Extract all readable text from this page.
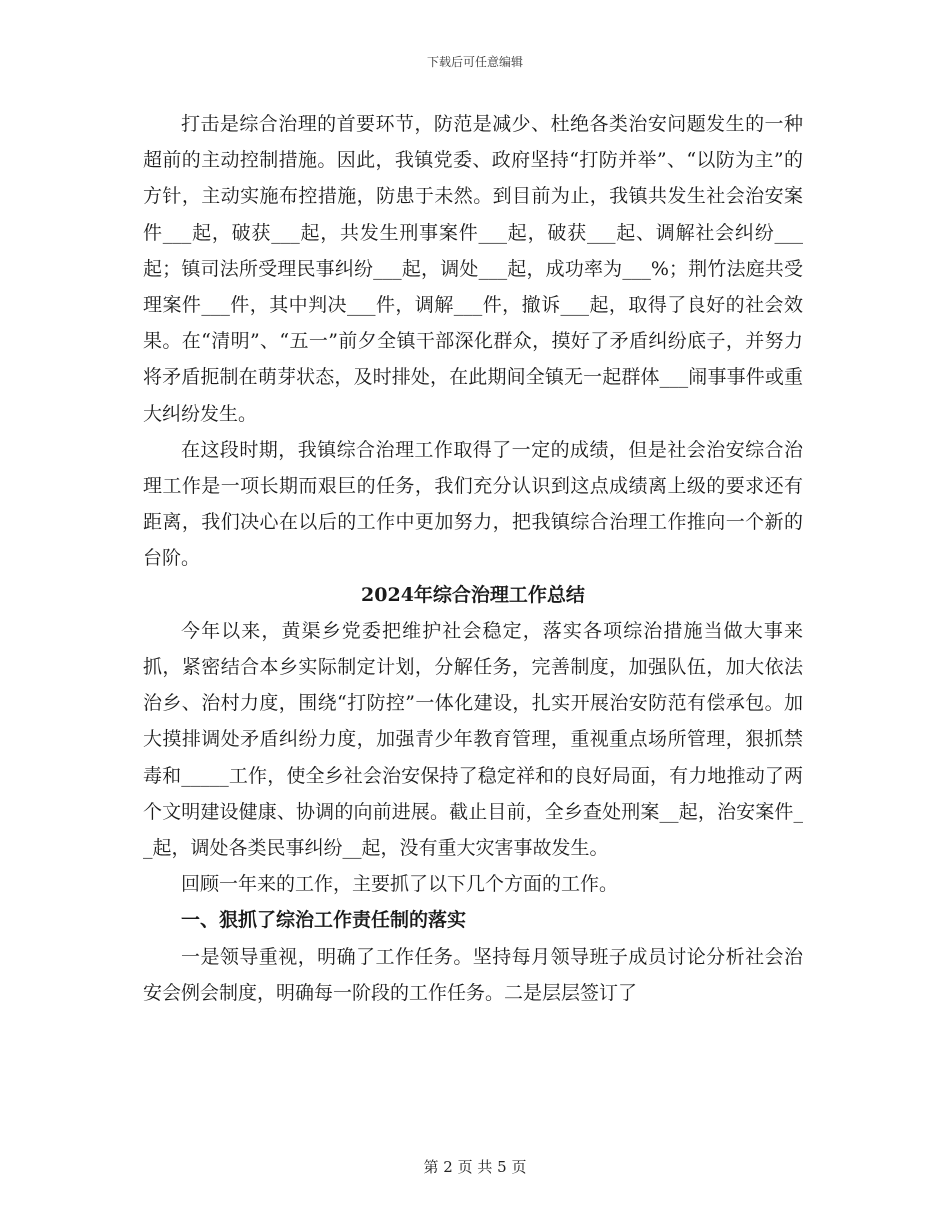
下载后可任意编辑

打击是综合治理的首要环节，防范是减少、杜绝各类治安问题发生的一种超前的主动控制措施。因此，我镇党委、政府坚持“打防并举”、“以防为主”的方针，主动实施布控措施，防患于未然。到目前为止，我镇共发生社会治安案件___起，破获___起，共发生刑事案件___起，破获___起、调解社会纠纷___起；镇司法所受理民事纠纷___起，调处___起，成功率为___%；荆竹法庭共受理案件___件，其中判决___件，调解___件，撤诉___起，取得了良好的社会效果。在“清明”、“五一”前夕全镇干部深化群众，摸好了矛盾纠纷底子，并努力将矛盾扼制在萌芽状态，及时排处，在此期间全镇无一起群体___闹事事件或重大纠纷发生。

在这段时期，我镇综合治理工作取得了一定的成绩，但是社会治安综合治理工作是一项长期而艰巨的任务，我们充分认识到这点成绩离上级的要求还有距离，我们决心在以后的工作中更加努力，把我镇综合治理工作推向一个新的台阶。

2024年综合治理工作总结

今年以来，黄渠乡党委把维护社会稳定，落实各项综治措施当做大事来抓，紧密结合本乡实际制定计划，分解任务，完善制度，加强队伍，加大依法治乡、治村力度，围绕“打防控”一体化建设，扎实开展治安防范有偿承包。加大摸排调处矛盾纠纷力度，加强青少年教育管理，重视重点场所管理，狠抓禁毒和_____工作，使全乡社会治安保持了稳定祥和的良好局面，有力地推动了两个文明建设健康、协调的向前进展。截止目前，全乡查处刑案__起，治安案件__起，调处各类民事纠纷__起，没有重大灾害事故发生。

回顾一年来的工作，主要抓了以下几个方面的工作。

一、狠抓了综治工作责任制的落实

一是领导重视，明确了工作任务。坚持每月领导班子成员讨论分析社会治安会例会制度，明确每一阶段的工作任务。二是层层签订了

第 2 页 共 5 页
